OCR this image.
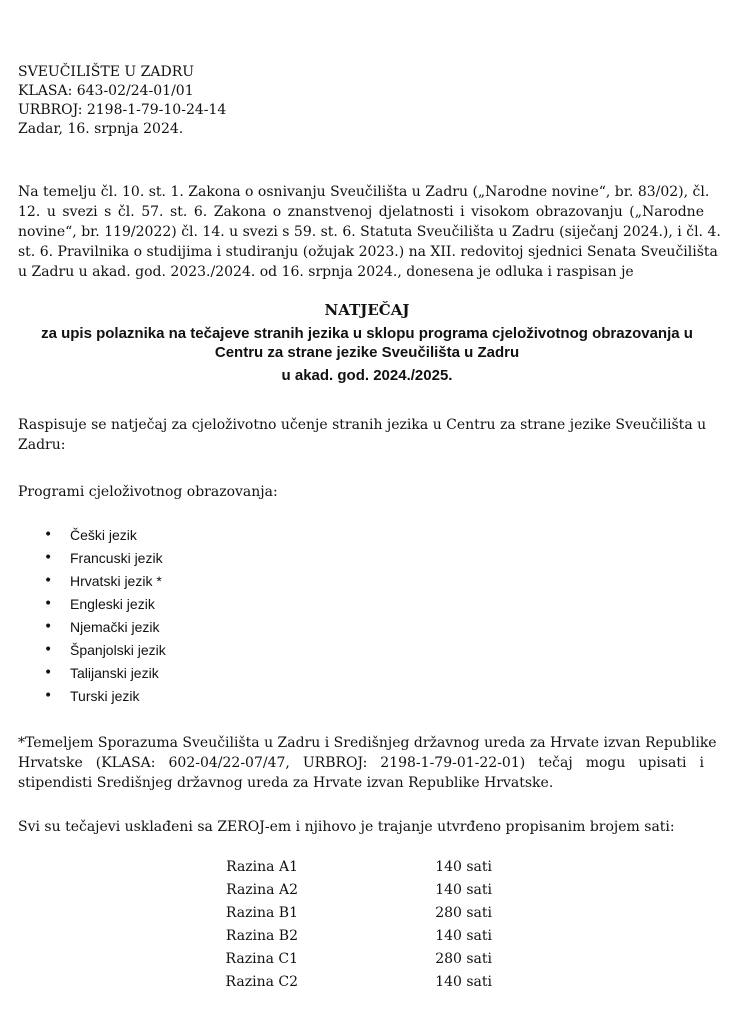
SVEUČILIŠTE U ZADRU
KLASA: 643-02/24-01/01
URBROJ: 2198-1-79-10-24-14
Zadar, 16. srpnja 2024.
Na temelju čl. 10. st. 1. Zakona o osnivanju Sveučilišta u Zadru („Narodne novine“, br. 83/02), čl.
12. u svezi s čl. 57. st. 6. Zakona o znanstvenoj djelatnosti i visokom obrazovanju („Narodne
novine“, br. 119/2022) čl. 14. u svezi s 59. st. 6. Statuta Sveučilišta u Zadru (siječanj 2024.), i čl. 4.
st. 6. Pravilnika o studijima i studiranju (ožujak 2023.) na XII. redovitoj sjednici Senata Sveučilišta
u Zadru u akad. god. 2023./2024. od 16. srpnja 2024., donesena je odluka i raspisan je
NATJEČAJ
za upis polaznika na tečajeve stranih jezika u sklopu programa cjeloživotnog obrazovanja u
Centru za strane jezike Sveučilišta u Zadru
u akad. god. 2024./2025.
Raspisuje se natječaj za cjeloživotno učenje stranih jezika u Centru za strane jezike Sveučilišta u
Zadru:
Programi cjeloživotnog obrazovanja:
• Češki jezik
• Francuski jezik
• Hrvatski jezik *
• Engleski jezik
• Njemački jezik
• Španjolski jezik
• Talijanski jezik
• Turski jezik
*Temeljem Sporazuma Sveučilišta u Zadru i Središnjeg državnog ureda za Hrvate izvan Republike
Hrvatske (KLASA: 602-04/22-07/47, URBROJ: 2198-1-79-01-22-01) tečaj mogu upisati i
stipendisti Središnjeg državnog ureda za Hrvate izvan Republike Hrvatske.
Svi su tečajevi usklađeni sa ZEROJ-em i njihovo je trajanje utvrđeno propisanim brojem sati:
Razina A1	140 sati
Razina A2	140 sati
Razina B1	280 sati
Razina B2	140 sati
Razina C1	280 sati
Razina C2	140 sati
